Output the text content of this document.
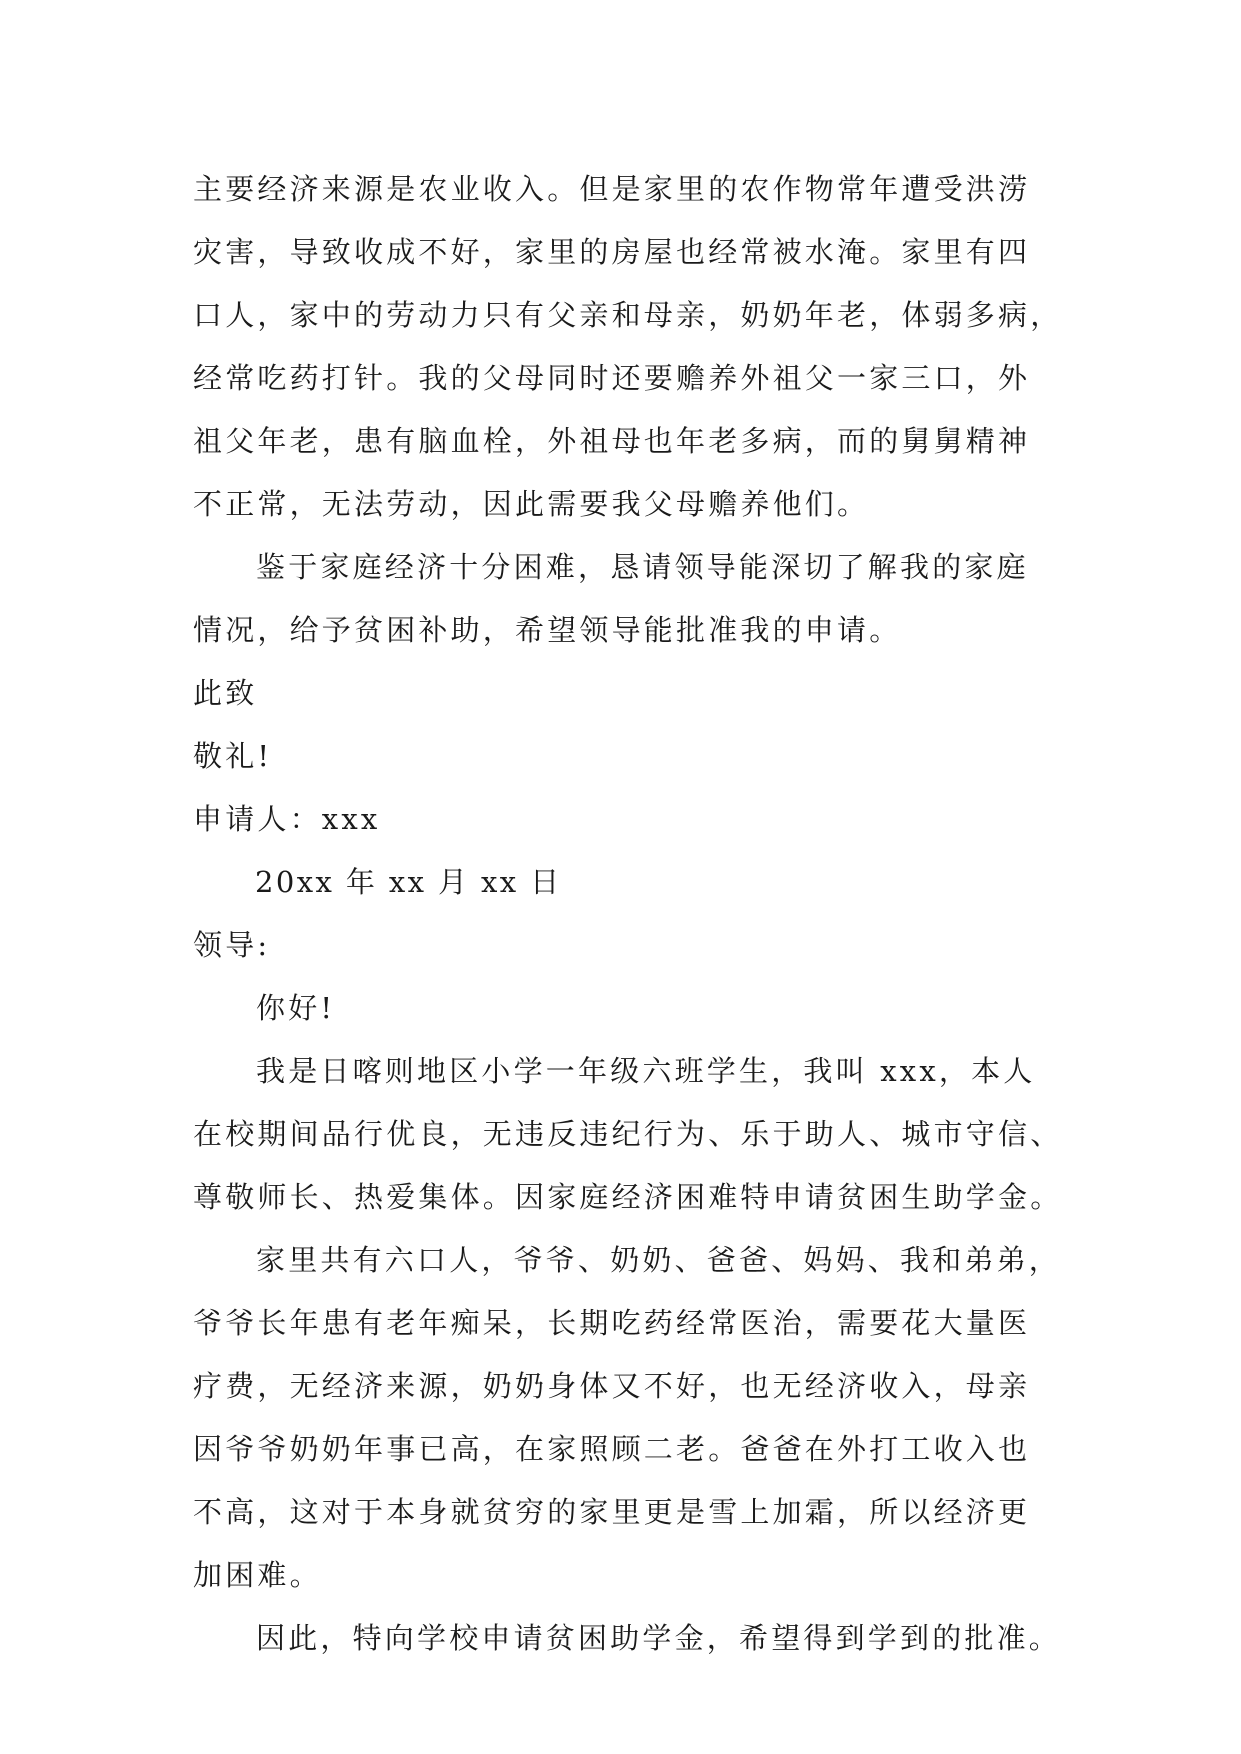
主要经济来源是农业收入。但是家里的农作物常年遭受洪涝
灾害，导致收成不好，家里的房屋也经常被水淹。家里有四
口人，家中的劳动力只有父亲和母亲，奶奶年老，体弱多病，
经常吃药打针。我的父母同时还要赡养外祖父一家三口，外
祖父年老，患有脑血栓，外祖母也年老多病，而的舅舅精神
不正常，无法劳动，因此需要我父母赡养他们。
鉴于家庭经济十分困难，恳请领导能深切了解我的家庭
情况，给予贫困补助，希望领导能批准我的申请。
此致
敬礼!
申请人：xxx
20xx 年 xx 月 xx 日
领导:
你好!
我是日喀则地区小学一年级六班学生，我叫 xxx，本人
在校期间品行优良，无违反违纪行为、乐于助人、城市守信、
尊敬师长、热爱集体。因家庭经济困难特申请贫困生助学金。
家里共有六口人，爷爷、奶奶、爸爸、妈妈、我和弟弟，
爷爷长年患有老年痴呆，长期吃药经常医治，需要花大量医
疗费，无经济来源，奶奶身体又不好，也无经济收入，母亲
因爷爷奶奶年事已高，在家照顾二老。爸爸在外打工收入也
不高，这对于本身就贫穷的家里更是雪上加霜，所以经济更
加困难。
因此，特向学校申请贫困助学金，希望得到学到的批准。
